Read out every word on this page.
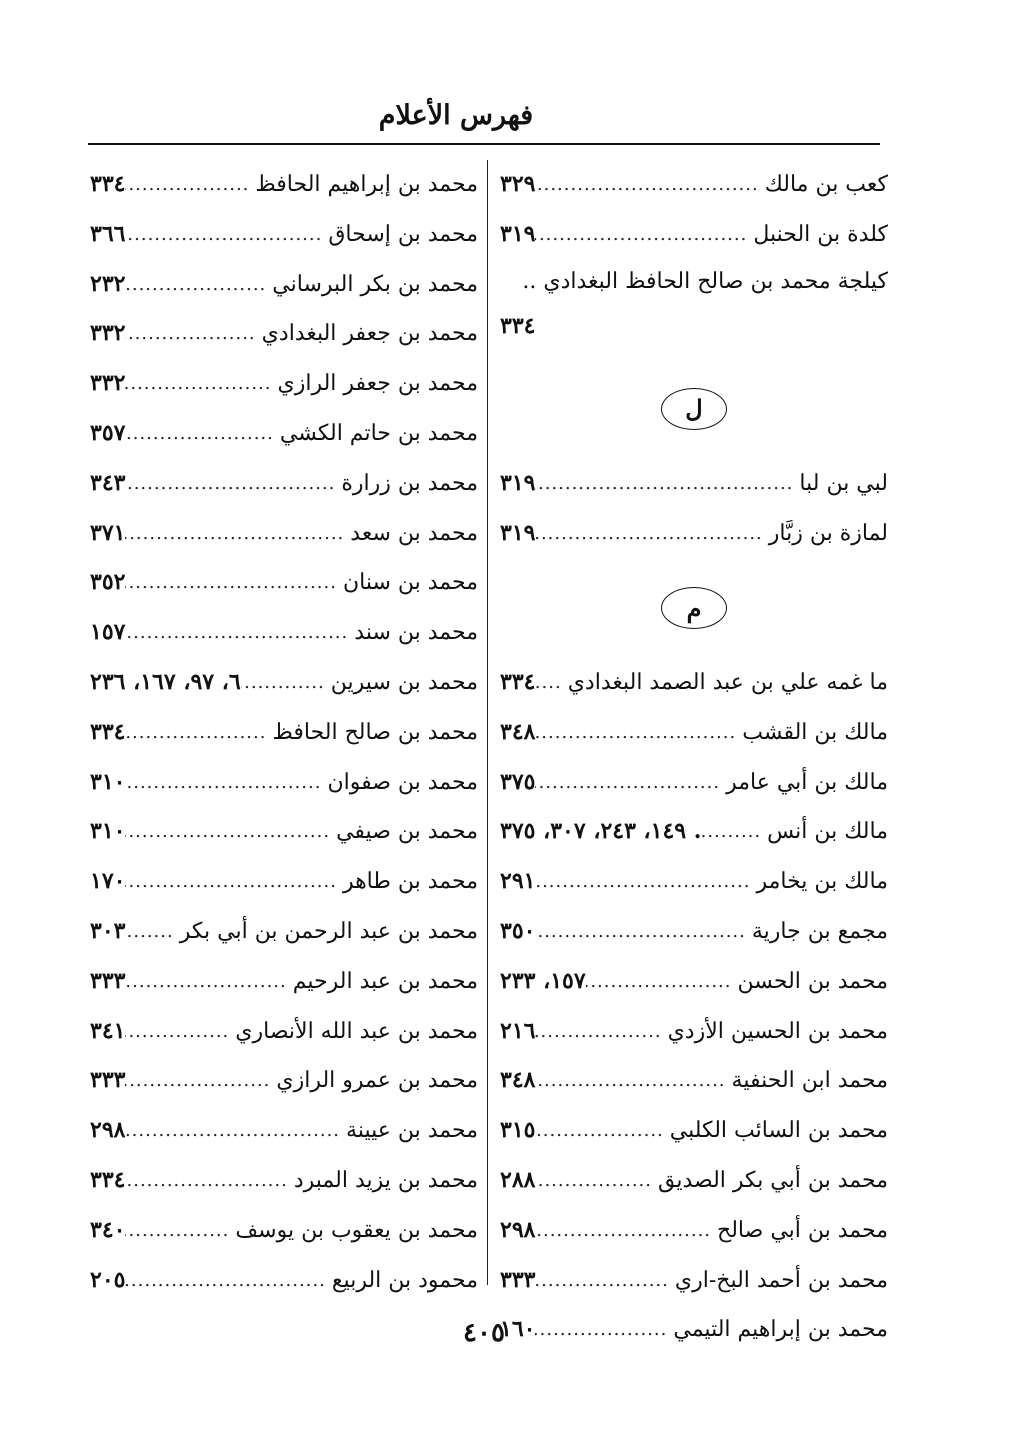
فهرس الأعلام
كعب بن مالك
.....
٣٢٩
كلدة بن الحنبل
.....
٣١٩
كيلجة محمد بن صالح الحافظ البغدادي ..
٣٣٤
ل
لبي بن لبا
.....
٣١٩
لمازة بن زبَّار
.....
٣١٩
م
ما غمه علي بن عبد الصمد البغدادي
.....
٣٣٤
مالك بن القشب
.....
٣٤٨
مالك بن أبي عامر
.....
٣٧٥
مالك بن أنس
.....
. ١٤٩، ٢٤٣، ٣٠٧، ٣٧٥
مالك بن يخامر
.....
٢٩١
مجمع بن جارية
.....
٣٥٠
محمد بن الحسن
.....
١٥٧، ٢٣٣
محمد بن الحسين الأزدي
.....
٢١٦
محمد ابن الحنفية
.....
٣٤٨
محمد بن السائب الكلبي
.....
٣١٥
محمد بن أبي بكر الصديق
.....
٢٨٨
محمد بن أبي صالح
.....
٢٩٨
محمد بن أحمد البخ-اري
.....
٣٣٣
محمد بن إبراهيم التيمي
.....
١٦٠
محمد بن إبراهيم الحافظ
.....
٣٣٤
محمد بن إسحاق
.....
٣٦٦
محمد بن بكر البرساني
.....
٢٣٢
محمد بن جعفر البغدادي
.....
٣٣٢
محمد بن جعفر الرازي
.....
٣٣٢
محمد بن حاتم الكشي
.....
٣٥٧
محمد بن زرارة
.....
٣٤٣
محمد بن سعد
.....
٣٧١
محمد بن سنان
.....
٣٥٢
محمد بن سند
.....
١٥٧
محمد بن سيرين
.....
٦، ٩٧، ١٦٧، ٢٣٦
محمد بن صالح الحافظ
.....
٣٣٤
محمد بن صفوان
.....
٣١٠
محمد بن صيفي
.....
٣١٠
محمد بن طاهر
.....
١٧٠
محمد بن عبد الرحمن بن أبي بكر
.....
٣٠٣
محمد بن عبد الرحيم
.....
٣٣٣
محمد بن عبد الله الأنصاري
.....
٣٤١
محمد بن عمرو الرازي
.....
٣٣٣
محمد بن عيينة
.....
٢٩٨
محمد بن يزيد المبرد
.....
٣٣٤
محمد بن يعقوب بن يوسف
.....
٣٤٠
محمود بن الربيع
.....
٢٠٥
٤٠٥
